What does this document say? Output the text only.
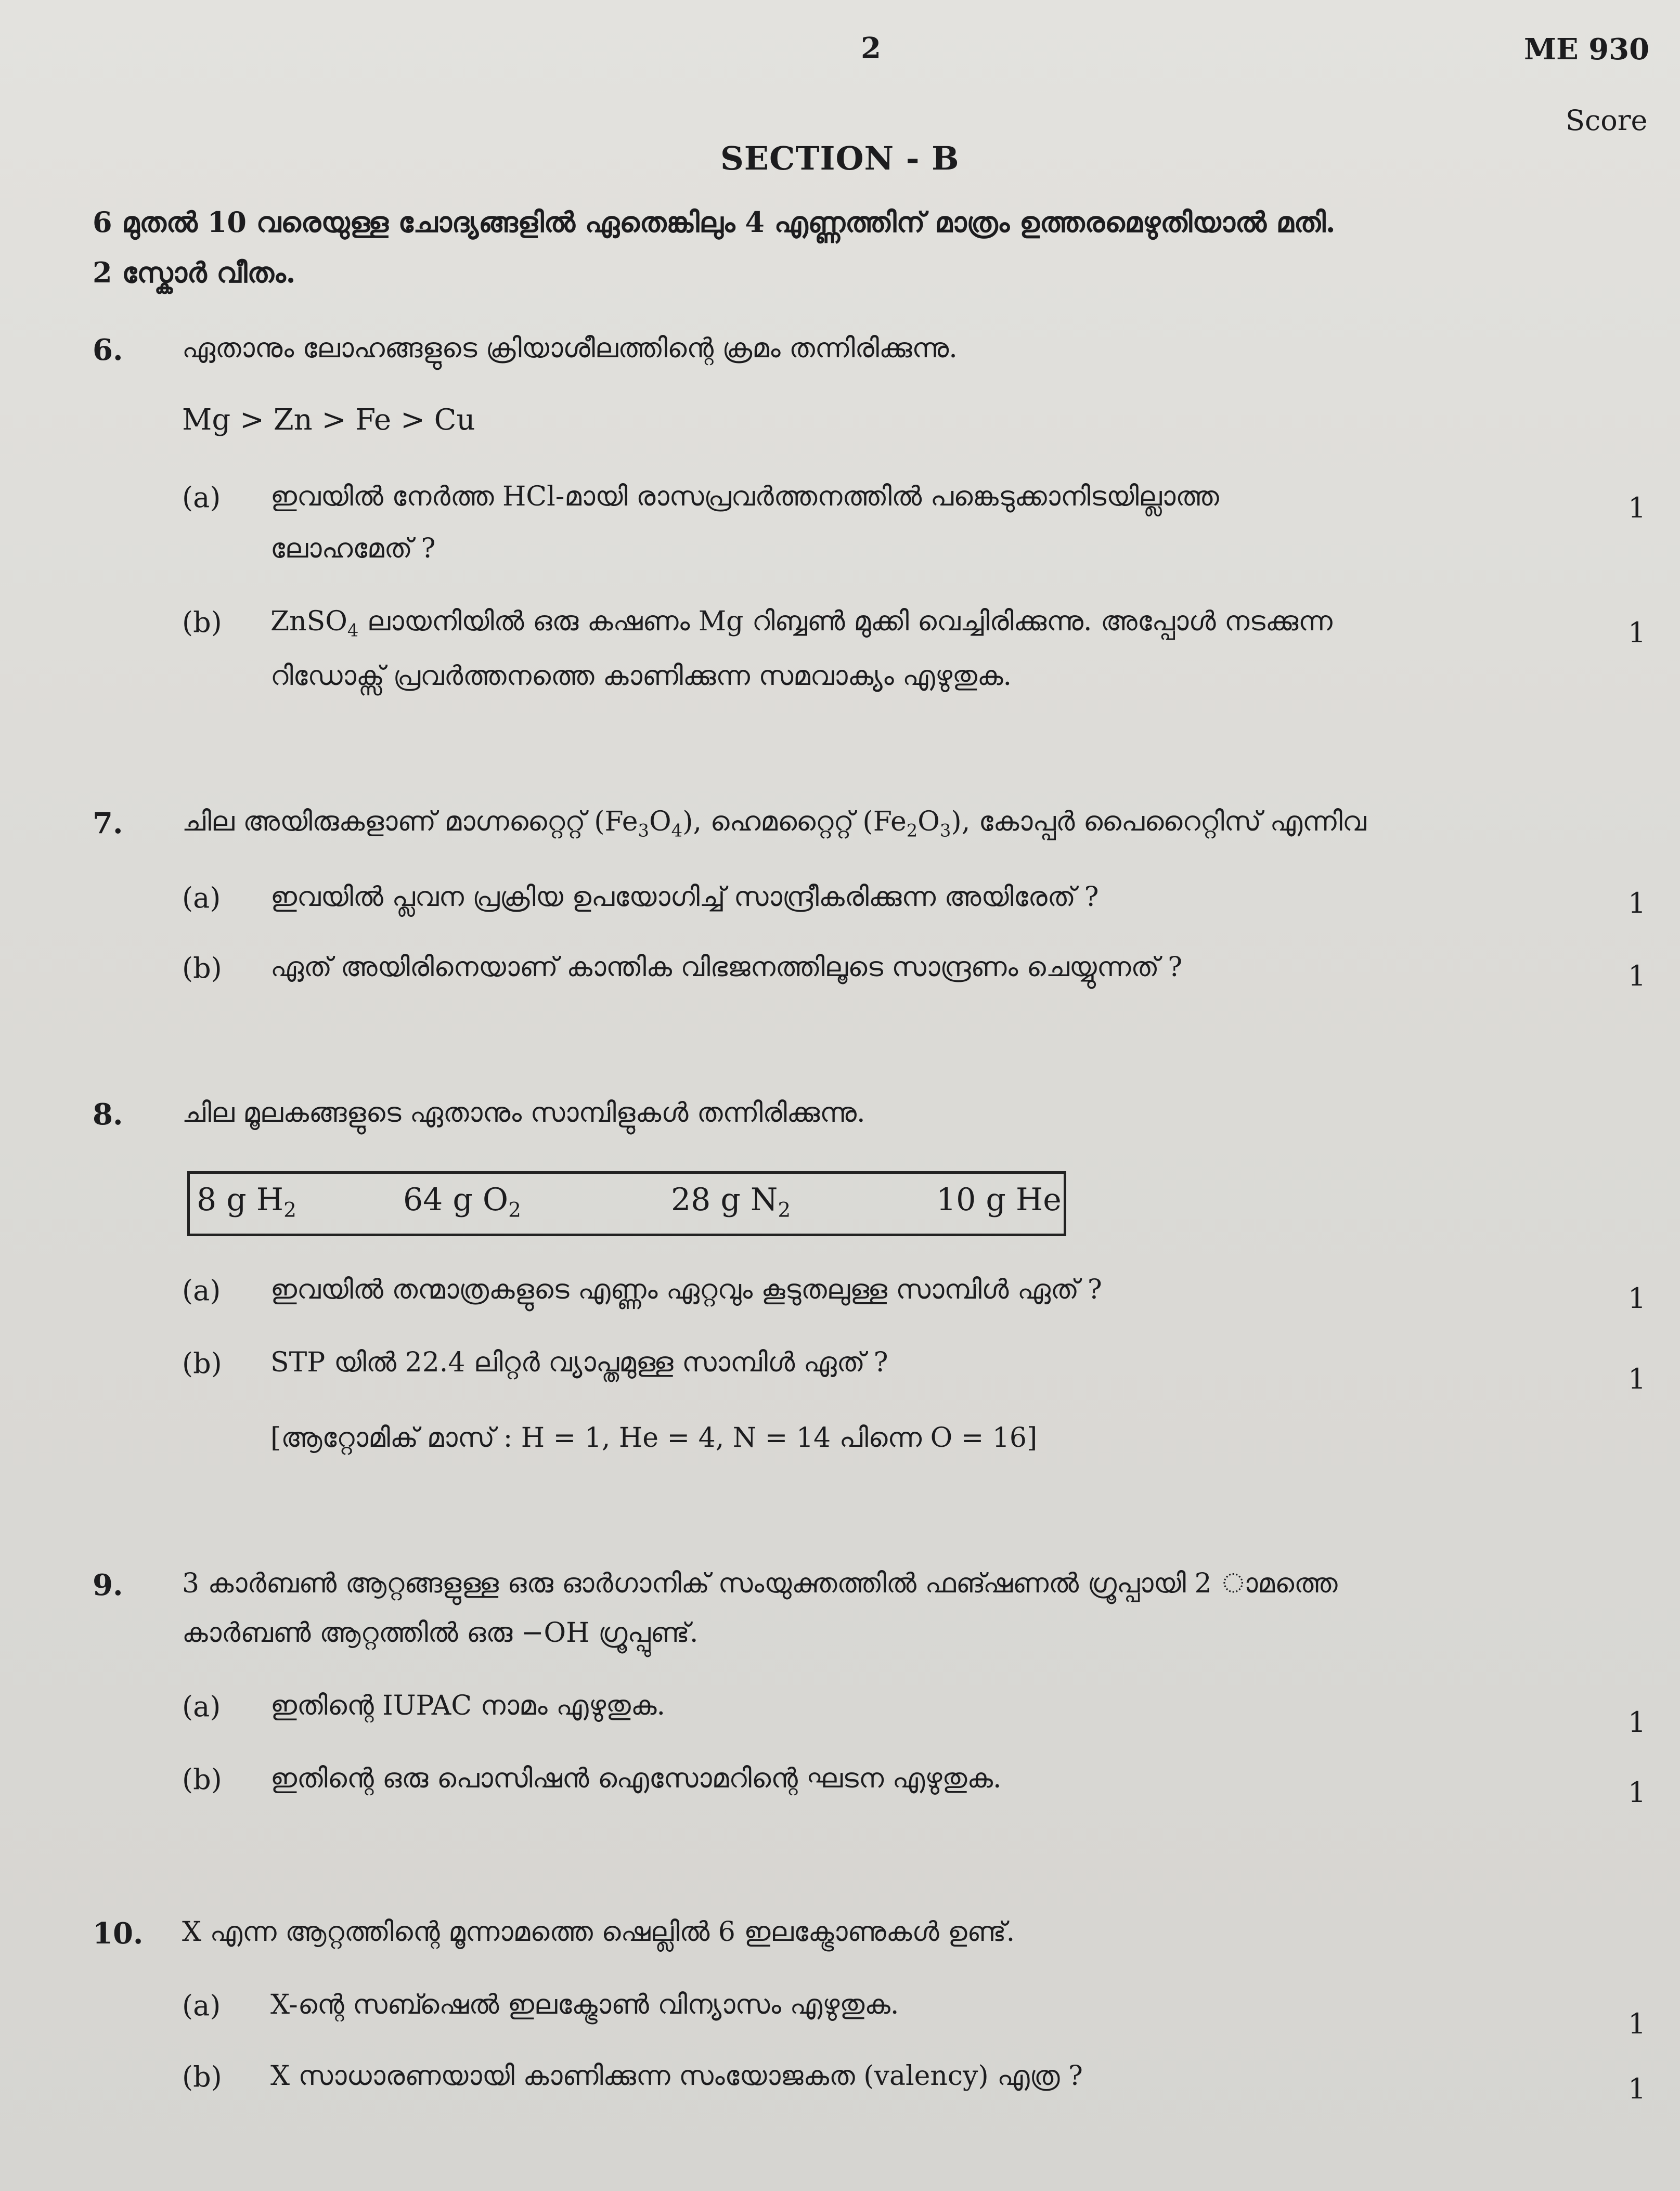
2	ME 930
Score
SECTION - B
6 മുതൽ 10 വരെയുള്ള ചോദ്യങ്ങളിൽ ഏതെങ്കിലും 4 എണ്ണത്തിന് മാത്രം ഉത്തരമെഴുതിയാൽ മതി.
2 സ്കോർ വീതം.
6. ഏതാനും ലോഹങ്ങളുടെ ക്രിയാശീലത്തിന്റെ ക്രമം തന്നിരിക്കുന്നു.
Mg > Zn > Fe > Cu
(a) ഇവയിൽ നേർത്ത HCl-മായി രാസപ്രവർത്തനത്തിൽ പങ്കെടുക്കാനിടയില്ലാത്ത
ലോഹമേത് ?
1
(b) ZnSO$_4$ ലായനിയിൽ ഒരു കഷണം Mg റിബ്ബൺ മുക്കി വെച്ചിരിക്കുന്നു. അപ്പോൾ നടക്കുന്ന
റിഡോക്സ് പ്രവർത്തനത്തെ കാണിക്കുന്ന സമവാക്യം എഴുതുക.
1
7. ചില അയിരുകളാണ് മാഗ്നറ്റൈറ്റ് $(Fe_3O_4)$, ഹെമറ്റൈറ്റ് $(Fe_2O_3)$, കോപ്പർ പൈറൈറ്റിസ് എന്നിവ
(a) ഇവയിൽ പ്ലവന പ്രക്രിയ ഉപയോഗിച്ച് സാന്ദ്രീകരിക്കുന്ന അയിരേത് ?	1
(b) ഏത് അയിരിനെയാണ് കാന്തിക വിഭജനത്തിലൂടെ സാന്ദ്രണം ചെയ്യുന്നത് ?	1
8. ചില മൂലകങ്ങളുടെ ഏതാനും സാമ്പിളുകൾ തന്നിരിക്കുന്നു.
8 g $H_2$	64 g $O_2$	28 g $N_2$	10 g He
(a) ഇവയിൽ തന്മാത്രകളുടെ എണ്ണം ഏറ്റവും കൂടുതലുള്ള സാമ്പിൾ ഏത് ?	1
(b) STP യിൽ 22.4 ലിറ്റർ വ്യാപ്തമുള്ള സാമ്പിൾ ഏത് ?	1
[ആറ്റോമിക് മാസ് : H = 1, He = 4, N = 14 പിന്നെ O = 16]
9. 3 കാർബൺ ആറ്റങ്ങളുള്ള ഒരു ഓർഗാനിക് സംയുക്തത്തിൽ ഫങ്ഷണൽ ഗ്രൂപ്പായി 2 ാമത്തെ
കാർബൺ ആറ്റത്തിൽ ഒരു −OH ഗ്രൂപ്പുണ്ട്.
(a) ഇതിന്റെ IUPAC നാമം എഴുതുക.	1
(b) ഇതിന്റെ ഒരു പൊസിഷൻ ഐസോമറിന്റെ ഘടന എഴുതുക.	1
10. X എന്ന ആറ്റത്തിന്റെ മൂന്നാമത്തെ ഷെല്ലിൽ 6 ഇലക്ട്രോണുകൾ ഉണ്ട്.
(a) X-ന്റെ സബ്ഷെൽ ഇലക്ട്രോൺ വിന്യാസം എഴുതുക.
1
(b) X സാധാരണയായി കാണിക്കുന്ന സംയോജകത (valency) എത്ര ?	1
